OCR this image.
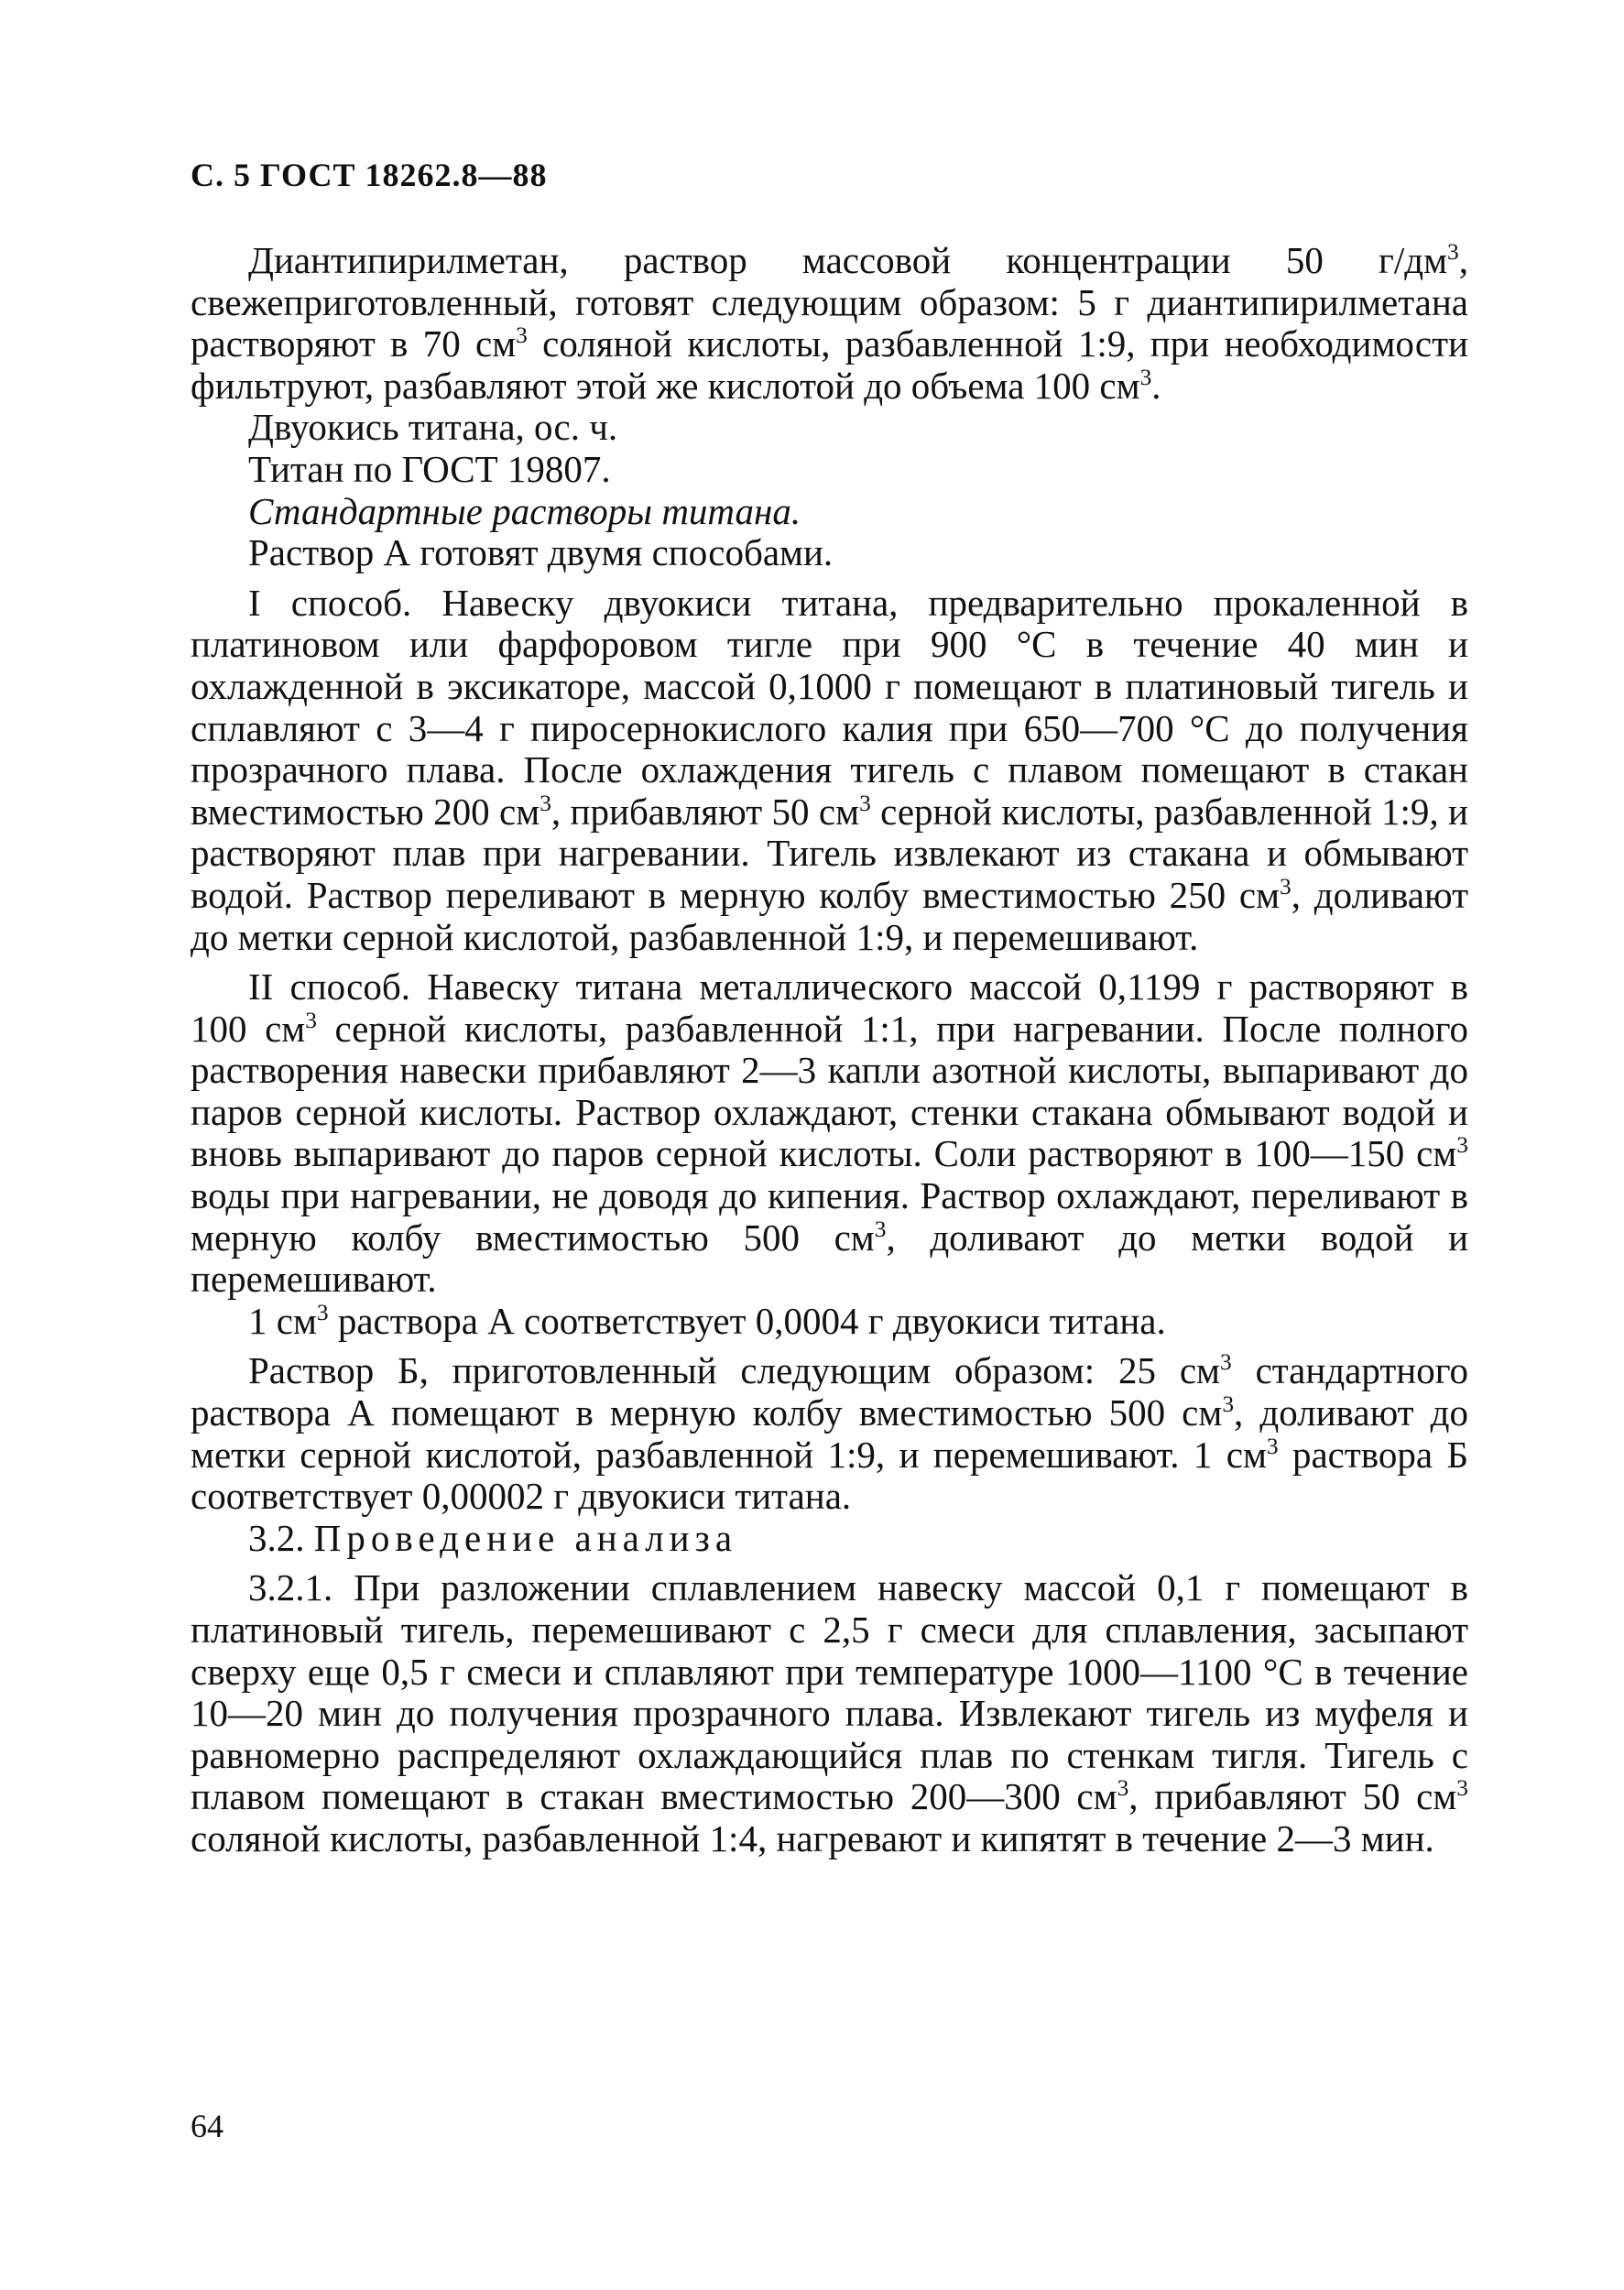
С. 5 ГОСТ 18262.8—88

Диантипирилметан, раствор массовой концентрации 50 $г/дм^3$, свежеприготовленный, готовят следующим образом: 5 г диантипирилметана растворяют в 70 $см^3$ соляной кислоты, разбавленной 1:9, при необходимости фильтруют, разбавляют этой же кислотой до объема 100 $см^3$.

Двуокись титана, ос. ч.

Титан по ГОСТ 19807.

Стандартные растворы титана.

Раствор А готовят двумя способами.

I способ. Навеску двуокиси титана, предварительно прокаленной в платиновом или фарфоровом тигле при 900 °С в течение 40 мин и охлажденной в эксикаторе, массой 0,1000 г помещают в платиновый тигель и сплавляют с 3—4 г пиросернокислого калия при 650—700 °С до получения прозрачного плава. После охлаждения тигель с плавом помещают в стакан вместимостью 200 $см^3$, прибавляют 50 $см^3$ серной кислоты, разбавленной 1:9, и растворяют плав при нагревании. Тигель извлекают из стакана и обмывают водой. Раствор переливают в мерную колбу вместимостью 250 $см^3$, доливают до метки серной кислотой, разбавленной 1:9, и перемешивают.

II способ. Навеску титана металлического массой 0,1199 г растворяют в 100 $см^3$ серной кислоты, разбавленной 1:1, при нагревании. После полного растворения навески прибавляют 2—3 капли азотной кислоты, выпаривают до паров серной кислоты. Раствор охлаждают, стенки стакана обмывают водой и вновь выпаривают до паров серной кислоты. Соли растворяют в 100—150 $см^3$ воды при нагревании, не доводя до кипения. Раствор охлаждают, переливают в мерную колбу вместимостью 500 $см^3$, доливают до метки водой и перемешивают.

1 $см^3$ раствора А соответствует 0,0004 г двуокиси титана.

Раствор Б, приготовленный следующим образом: 25 $см^3$ стандартного раствора А помещают в мерную колбу вместимостью 500 $см^3$, доливают до метки серной кислотой, разбавленной 1:9, и перемешивают. 1 $см^3$ раствора Б соответствует 0,00002 г двуокиси титана.

3.2. Проведение анализа

3.2.1. При разложении сплавлением навеску массой 0,1 г помещают в платиновый тигель, перемешивают с 2,5 г смеси для сплавления, засыпают сверху еще 0,5 г смеси и сплавляют при температуре 1000—1100 °С в течение 10—20 мин до получения прозрачного плава. Извлекают тигель из муфеля и равномерно распределяют охлаждающийся плав по стенкам тигля. Тигель с плавом помещают в стакан вместимостью 200—300 $см^3$, прибавляют 50 $см^3$ соляной кислоты, разбавленной 1:4, нагревают и кипятят в течение 2—3 мин.

64
